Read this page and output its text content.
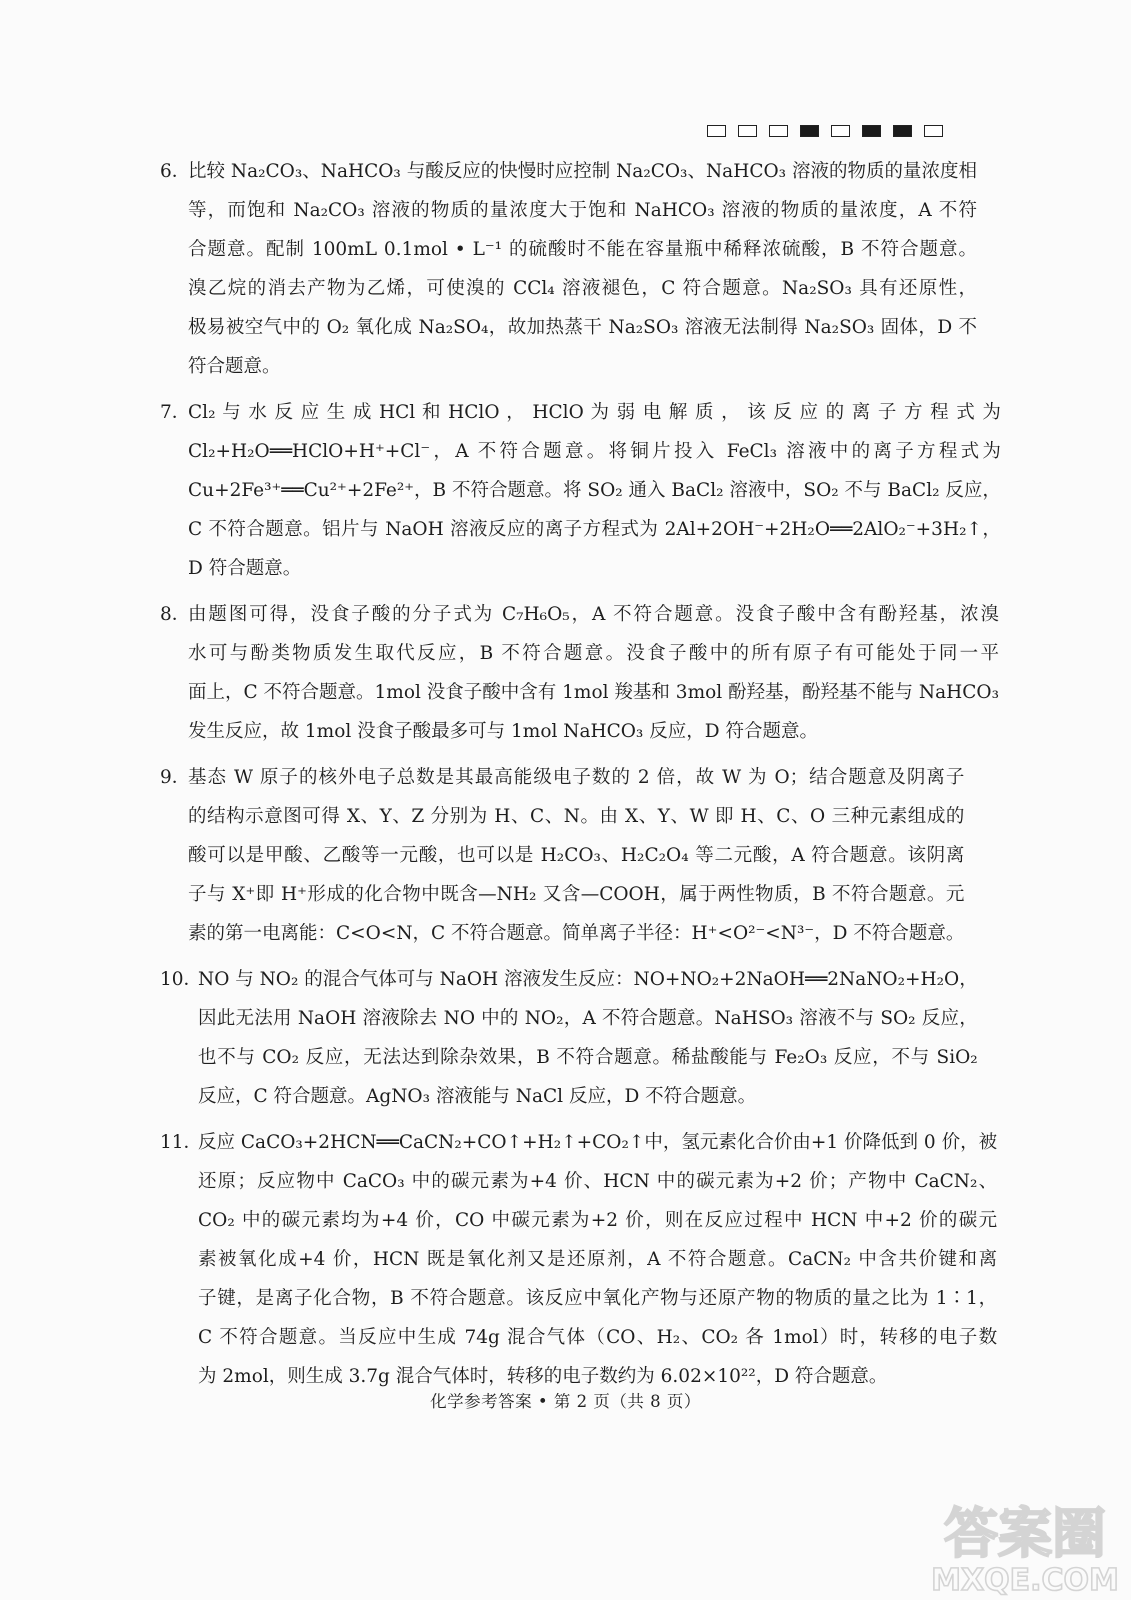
6．
比较 Na₂CO₃、NaHCO₃ 与酸反应的快慢时应控制 Na₂CO₃、NaHCO₃ 溶液的物质的量浓度相
等，而饱和 Na₂CO₃ 溶液的物质的量浓度大于饱和 NaHCO₃ 溶液的物质的量浓度，A 不符
合题意。配制 100mL 0.1mol • L⁻¹ 的硫酸时不能在容量瓶中稀释浓硫酸，B 不符合题意。
溴乙烷的消去产物为乙烯，可使溴的 CCl₄ 溶液褪色，C 符合题意。Na₂SO₃ 具有还原性，
极易被空气中的 O₂ 氧化成 Na₂SO₄，故加热蒸干 Na₂SO₃ 溶液无法制得 Na₂SO₃ 固体，D 不
符合题意。
7．
Cl₂ 与 水 反 应 生 成 HCl 和 HClO ， HClO 为 弱 电 解 质 ， 该 反 应 的 离 子 方 程 式 为
Cl₂+H₂O══HClO+H⁺+Cl⁻，A 不符合题意。将铜片投入 FeCl₃ 溶液中的离子方程式为
Cu+2Fe³⁺══Cu²⁺+2Fe²⁺，B 不符合题意。将 SO₂ 通入 BaCl₂ 溶液中，SO₂ 不与 BaCl₂ 反应，
C 不符合题意。铝片与 NaOH 溶液反应的离子方程式为 2Al+2OH⁻+2H₂O══2AlO₂⁻+3H₂↑，
D 符合题意。
8．
由题图可得，没食子酸的分子式为 C₇H₆O₅，A 不符合题意。没食子酸中含有酚羟基，浓溴
水可与酚类物质发生取代反应，B 不符合题意。没食子酸中的所有原子有可能处于同一平
面上，C 不符合题意。1mol 没食子酸中含有 1mol 羧基和 3mol 酚羟基，酚羟基不能与 NaHCO₃
发生反应，故 1mol 没食子酸最多可与 1mol NaHCO₃ 反应，D 符合题意。
9．
基态 W 原子的核外电子总数是其最高能级电子数的 2 倍，故 W 为 O；结合题意及阴离子
的结构示意图可得 X、Y、Z 分别为 H、C、N。由 X、Y、W 即 H、C、O 三种元素组成的
酸可以是甲酸、乙酸等一元酸，也可以是 H₂CO₃、H₂C₂O₄ 等二元酸，A 符合题意。该阴离
子与 X⁺即 H⁺形成的化合物中既含—NH₂ 又含—COOH，属于两性物质，B 不符合题意。元
素的第一电离能：C<O<N，C 不符合题意。简单离子半径：H⁺<O²⁻<N³⁻，D 不符合题意。
10．
NO 与 NO₂ 的混合气体可与 NaOH 溶液发生反应：NO+NO₂+2NaOH══2NaNO₂+H₂O，
因此无法用 NaOH 溶液除去 NO 中的 NO₂，A 不符合题意。NaHSO₃ 溶液不与 SO₂ 反应，
也不与 CO₂ 反应，无法达到除杂效果，B 不符合题意。稀盐酸能与 Fe₂O₃ 反应，不与 SiO₂
反应，C 符合题意。AgNO₃ 溶液能与 NaCl 反应，D 不符合题意。
11．
反应 CaCO₃+2HCN══CaCN₂+CO↑+H₂↑+CO₂↑中，氢元素化合价由+1 价降低到 0 价，被
还原；反应物中 CaCO₃ 中的碳元素为+4 价、HCN 中的碳元素为+2 价；产物中 CaCN₂、
CO₂ 中的碳元素均为+4 价，CO 中碳元素为+2 价，则在反应过程中 HCN 中+2 价的碳元
素被氧化成+4 价，HCN 既是氧化剂又是还原剂，A 不符合题意。CaCN₂ 中含共价键和离
子键，是离子化合物，B 不符合题意。该反应中氧化产物与还原产物的物质的量之比为 1∶1，
C 不符合题意。当反应中生成 74g 混合气体（CO、H₂、CO₂ 各 1mol）时，转移的电子数
为 2mol，则生成 3.7g 混合气体时，转移的电子数约为 6.02×10²²，D 符合题意。
化学参考答案 • 第 2 页（共 8 页）
答案圈
MXQE.COM
